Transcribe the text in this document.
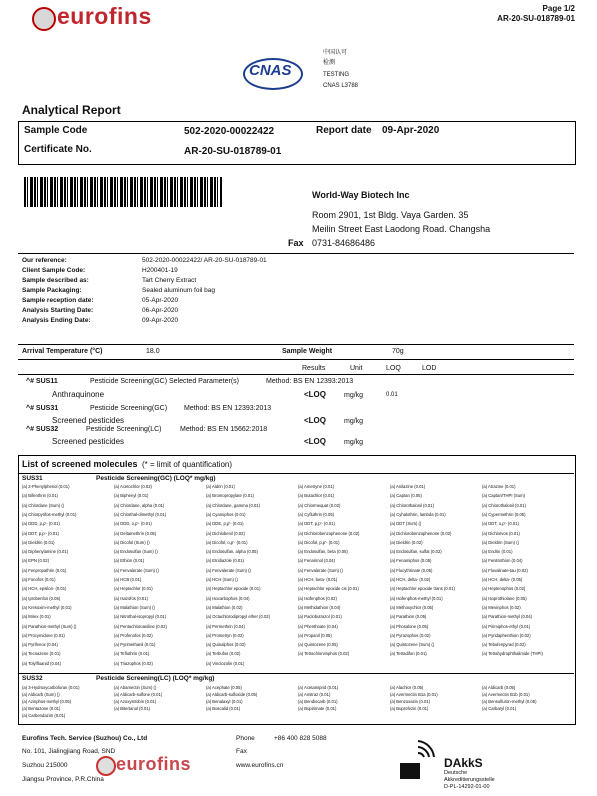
eurofins	Page 1/2
AR-20-SU-018789-01
CNAS
中国认可
检测
TESTING
CNAS L3788
Analytical Report
Sample Code	502-2020-00022422	Report date 09-Apr-2020
Certificate No.	AR-20-SU-018789-01
World-Way Biotech Inc
Room 2901, 1st Bldg. Vaya Garden. 35
Meilin Street East Laodong Road. Changsha
Fax 0731-84686486
Our reference:	502-2020-00022422/ AR-20-SU-018789-01
Client Sample Code:	H200401-19
Sample described as:	Tart Cherry Extract
Sample Packaging:	Sealed aluminum foil bag
Sample reception date:	05-Apr-2020
Analysis Starting Date:	06-Apr-2020
Analysis Ending Date:	09-Apr-2020
Arrival Temperature (°C)	18.0	Sample Weight	70g
Results	Unit	LOQ	LOD
^# SUS11	Pesticide Screening(GC) Selected Parameter(s)	Method: BS EN 12393:2013
Anthraquinone	<LOQ	mg/kg	0.01
^# SUS31	Pesticide Screening(GC) Method: BS EN 12393:2013
Screened pesticides	<LOQ	mg/kg
^# SUS32	Pesticide Screening(LC)	Method: BS EN 15662:2018
Screened pesticides	<LOQ	mg/kg
List of screened molecules (* = limit of quantification)
SUS31	Pesticide Screening(GC) (LOQ* mg/kg)
(a) 2-Phenylphenol (0.01)	(a) Acetochlor (0.02)	(a) Aldrin (0.01)	(a) Ametryne (0.01)	(a) Anilazine (0.01)	(a) Atrazine (0.01)
(a) Bifenthrin (0.01)	(a) Biphenyl (0.01)	(a) Bromopropylate (0.01)	(a) Butachlor (0.01)	(a) Captan (0.05)	(a) Captan/THPI (Sum)
(a) Chlordane (Sum) ()	(a) Chlordane, alpha (0.01)	(a) Chlordane, gamma (0.01)	(a) Chlormequat (0.02)	(a) Chlorothalonil (0.01)	(a) Chlorothalonil (0.01)
(a) Chlorpyrifos-methyl (0.01)	(a) Chlorthal-dimethyl (0.01)	(a) Cyanophos (0.01)	(a) Cyfluthrin (0.05)	(a) Cyhalothrin, lambda (0.01)	(a) Cypermethrin (0.05)
(a) DDD, p,p'- (0.01)	(a) DDD, o,p'- (0.01)	(a) DDE, p,p'- (0.01)	(a) DDT, p,p'- (0.01)	(a) DDT (Sum) ()	(a) DDT, o,p'- (0.01)
(a) DDT, p,p'- (0.01)	(a) Deltamethrin (0.05)	(a) Dichlobenil (0.02)	(a) Dichlorobenzophenone (0.02)	(a) Dichlorobenzophenone (0.02)	(a) Dichlorvos (0.01)
(a) Dieldrin (0.01)	(a) Dicofol (Sum) ()	(a) Dicofol, o,p'- (0.01)	(a) Dicofol, p,p'- (0.01)	(a) Dieldrin (0.02)	(a) Dieldrin (Sum) ()
(a) Diphenylamine (0.01)	(a) Endosulfan (Sum) ()	(a) Endosulfan, alpha (0.05)	(a) Endosulfan, beta (0.05)	(a) Endosulfan, sulfat (0.02)	(a) Endrin (0.01)
(a) EPN (0.02)	(a) Ethion (0.01)	(a) Etridiazole (0.01)	(a) Fenarimol (0.04)	(a) Fenamiphos (0.05)	(a) Fenitrothion (0.04)
(a) Fenpropathrin (0.01)	(a) Fenvalerate (Sum) ()	(a) Fenvalerate (Sum) ()	(a) Fenvalerate (Sum) ()	(a) Flucythrinate (0.05)	(a) Fluvalinate-tau (0.02)
(a) Fonofos (0.01)	(a) HCB (0.01)	(a) HCH (Sum) ()	(a) HCH, beta- (0.01)	(a) HCH, delta- (0.02)	(a) HCH, delta- (0.05)
(a) HCH, epsilon- (0.01)	(a) Heptachlor (0.01)	(a) Heptachlor epoxide (0.01)	(a) Heptachlor epoxide cis (0.01)	(a) Heptachlor epoxide trans (0.01)	(a) Heptenophos (0.02)
(a) Iprobenfos (0.05)	(a) Isazofos (0.01)	(a) Isocarbophos (0.04)	(a) Isofenphos (0.02)	(a) Isofenphos-methyl (0.01)	(a) Isoprothiolane (0.05)
(a) Kresoxim-methyl (0.01)	(a) Malathion (Sum) ()	(a) Malathion (0.02)	(a) Methidathion (0.04)	(a) Methoxychlor (0.05)	(a) Mevinphos (0.02)
(a) Mirex (0.01)	(a) Nitrothal-isopropyl (0.01)	(a) Octachlorodipropyl ether (0.02)	(a) Paclobutrazol (0.01)	(a) Parathion (0.05)	(a) Parathion-methyl (0.04)
(a) Parathion-methyl (Sum) ()	(a) Pentachloroaniline (0.02)	(a) Permethrin (0.04)	(a) Phenthoate (0.04)	(a) Phosalone (0.05)	(a) Pirimiphos-ethyl (0.01)
(a) Procymidone (0.01)	(a) Profenofos (0.02)	(a) Prometryn (0.02)	(a) Propanil (0.05)	(a) Pyrazophos (0.02)	(a) Pyridaphenthion (0.02)
(a) Pyrifenox (0.04)	(a) Pyrimethanil (0.01)	(a) Quinalphos (0.02)	(a) Quintozene (0.05)	(a) Quintozene (Sum) ()	(a) Tebufenpyrad (0.02)
(a) Tecnazene (0.01)	(a) Tefluthrin (0.01)	(a) Terbufos (0.02)	(a) Tetrachlorvinphos (0.02)	(a) Tetradifon (0.01)	(a) Tetrahydrophthalimide (THPI)
(a) Tolylfluanid (0.04)	(a) Triazophos (0.02)	(a) Vinclozolin (0.01)
SUS32	Pesticide Screening(LC) (LOQ* mg/kg)
(a) 3-Hydroxycarbofuran (0.01)	(a) Abamectin (Sum) ()	(a) Acephate (0.05)	(a) Acetamiprid (0.01)	(a) Alachlor (0.05)	(a) Aldicarb (0.05)
(a) Aldicarb (Sum) ()	(a) Aldicarb-sulfone (0.01)	(a) Aldicarb-sulfoxide (0.05)	(a) Amitraz (0.01)	(a) Avermectin B1a (0.01)	(a) Avermectin B1b (0.01)
(a) Azinphos-methyl (0.05)	(a) Azoxystrobin (0.01)	(a) Benalaxyl (0.01)	(a) Bendiocarb (0.01)	(a) Benzoxazin (0.01)	(a) Bensulfuron-methyl (0.05)
(a) Bentazone (0.01)	(a) Bitertanol (0.01)	(a) Boscalid (0.01)	(a) Bupirimate (0.01)	(a) Buprofezin (0.01)	(a) Carbaryl (0.01)
(a) Carbendazim (0.01)
Eurofins Tech. Service (Suzhou) Co., Ltd
No. 101, Jialingjiang Road, SND
Suzhou 215000
Jiangsu Province, P.R.China
eurofins
Phone	+86 400 828 5088
Fax
www.eurofins.cn	DAkkS
Deutsche
Akkreditierungsstelle
D-PL-14292-01-00
